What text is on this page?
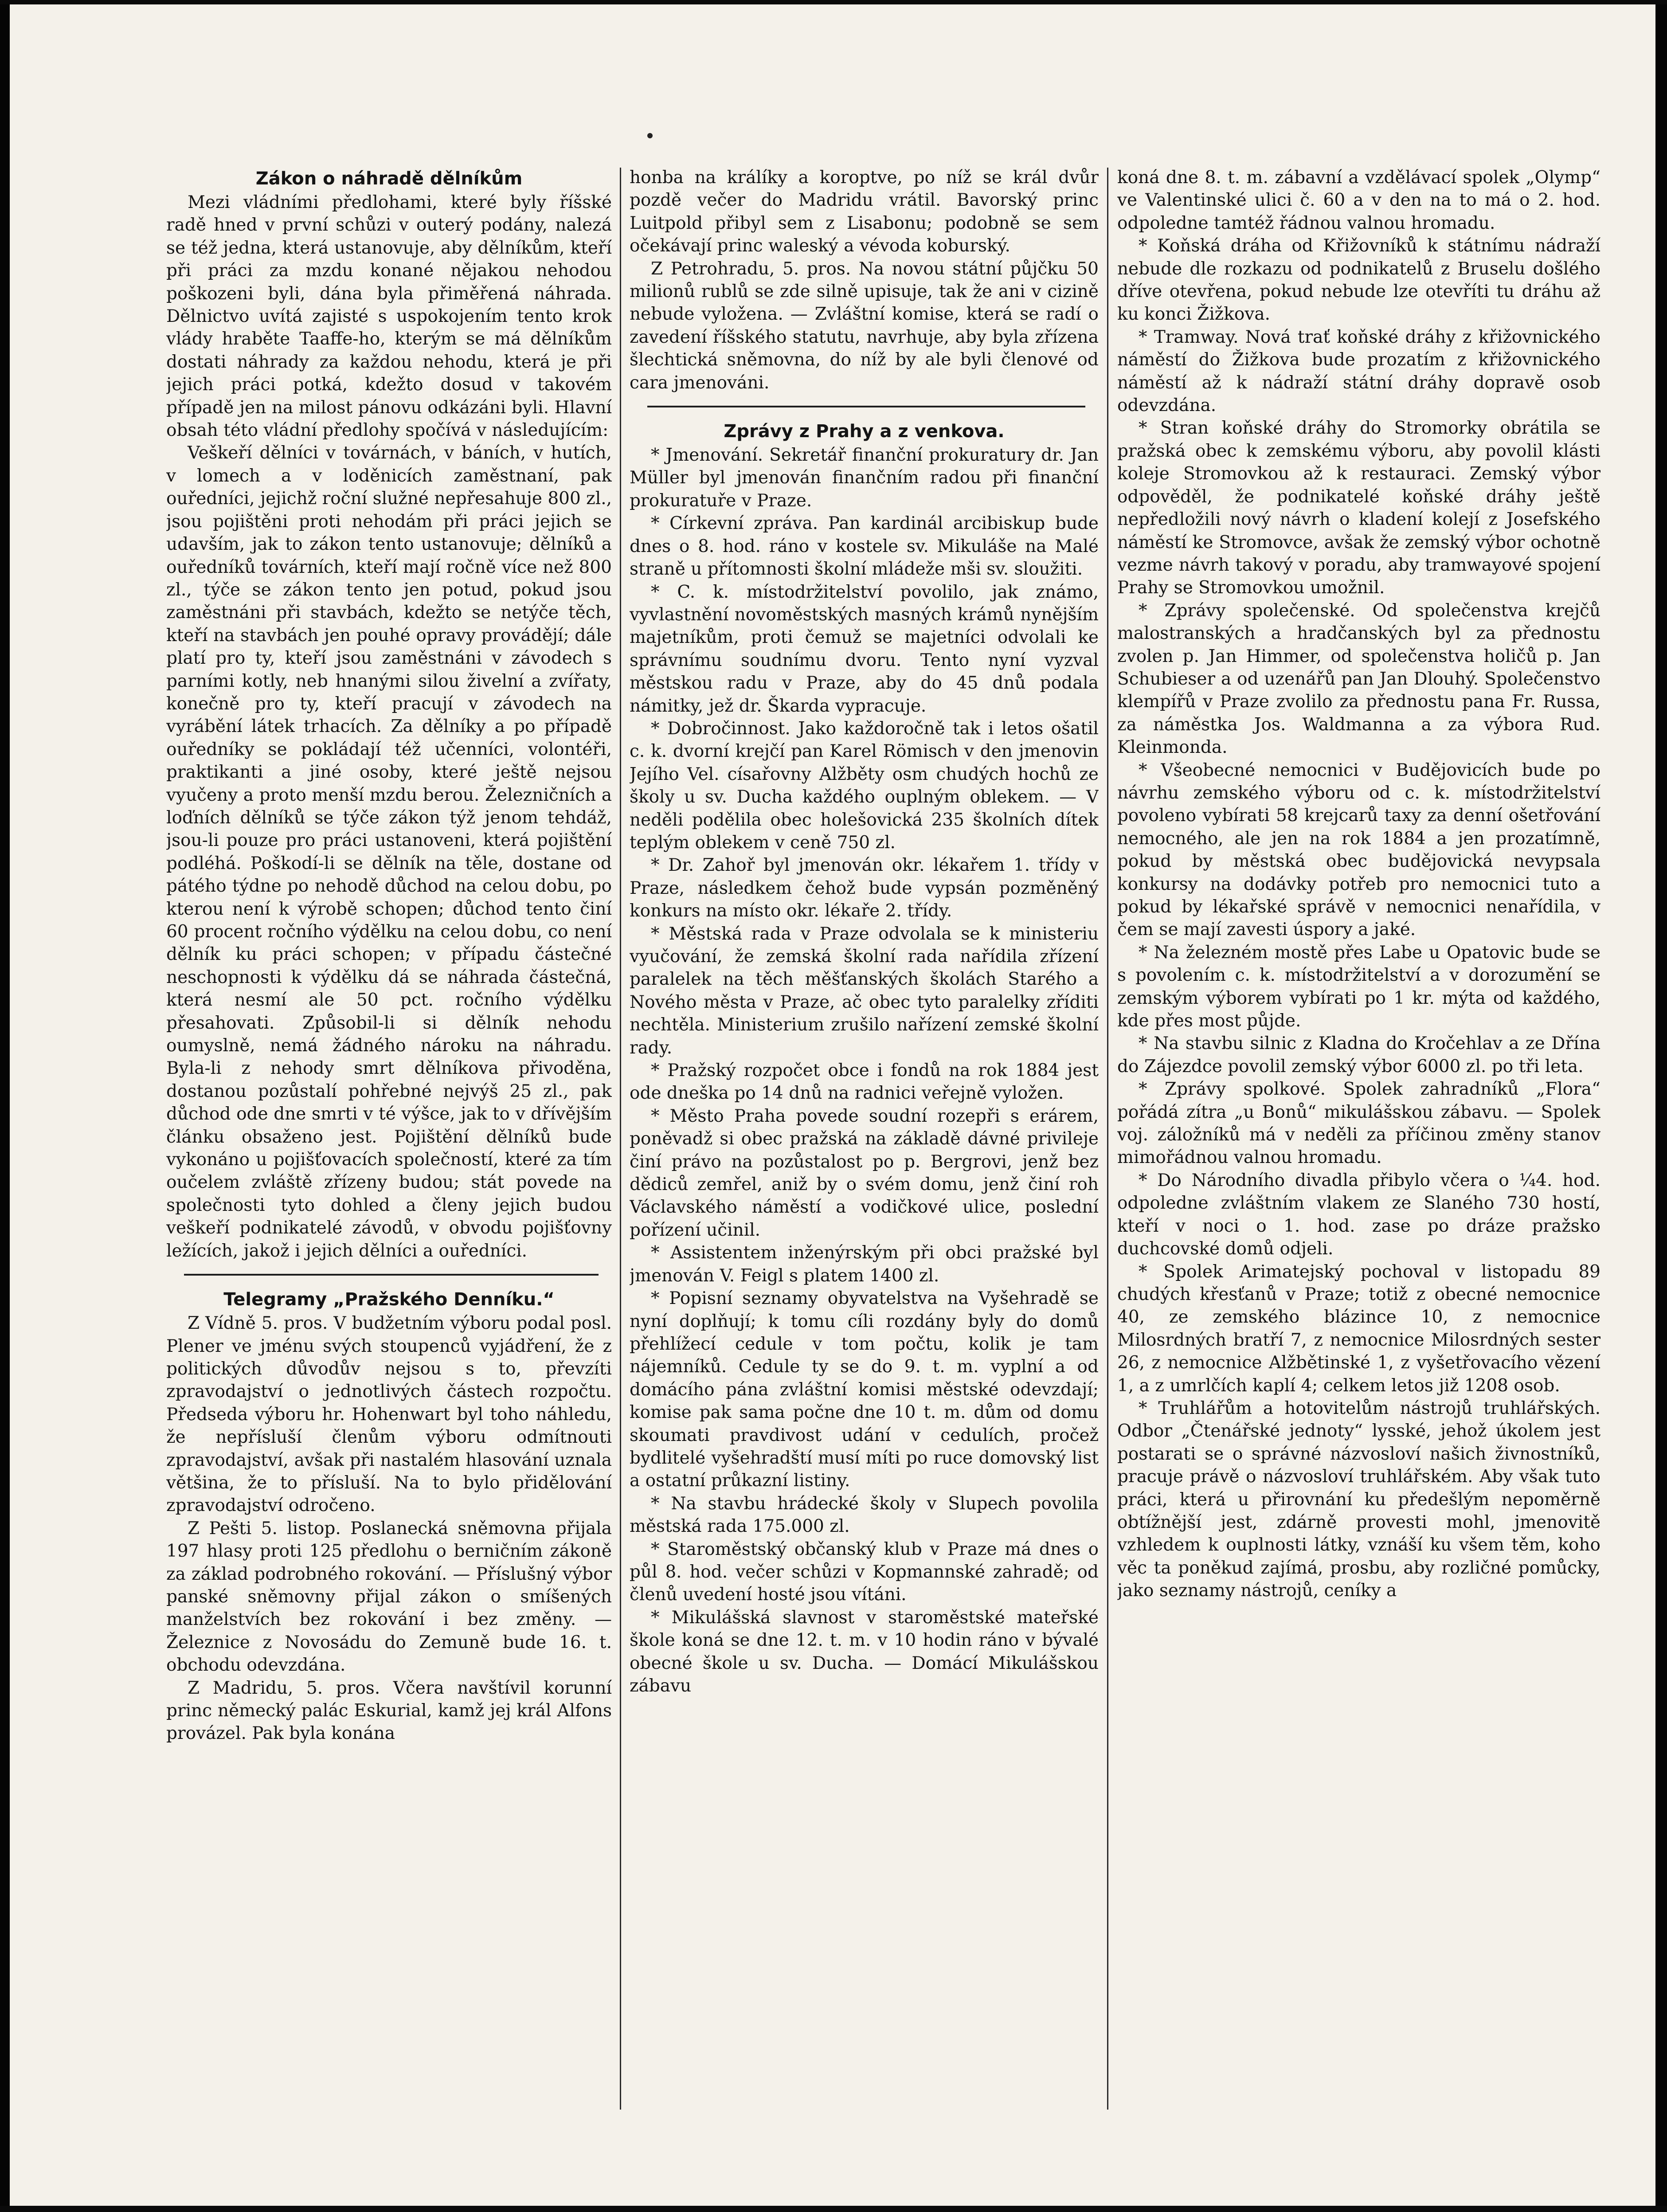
Zákon o náhradě dělníkům

Mezi vládními předlohami, které byly říšské radě hned v první schůzi v outerý podány, nalezá se též jedna, která ustanovuje, aby dělníkům, kteří při práci za mzdu konané nějakou nehodou poškozeni byli, dána byla přiměřená náhrada. Dělnictvo uvítá zajisté s uspokojením tento krok vlády hraběte Taaffe-ho, kterým se má dělníkům dostati náhrady za každou nehodu, která je při jejich práci potká, kdežto dosud v takovém případě jen na milost pánovu odkázáni byli. Hlavní obsah této vládní předlohy spočívá v následujícím:

Veškeří dělníci v továrnách, v báních, v hutích, v lomech a v loděnicích zaměstnaní, pak ouředníci, jejichž roční služné nepřesahuje 800 zl., jsou pojištěni proti nehodám při práci jejich se udavším, jak to zákon tento ustanovuje; dělníků a ouředníků továrních, kteří mají ročně více než 800 zl., týče se zákon tento jen potud, pokud jsou zaměstnáni při stavbách, kdežto se netýče těch, kteří na stavbách jen pouhé opravy provádějí; dále platí pro ty, kteří jsou zaměstnáni v závodech s parními kotly, neb hnanými silou živelní a zvířaty, konečně pro ty, kteří pracují v závodech na vyrábění látek trhacích. Za dělníky a po případě ouředníky se pokládají též učenníci, volontéři, praktikanti a jiné osoby, které ještě nejsou vyučeny a proto menší mzdu berou. Železničních a loďních dělníků se týče zákon týž jenom tehdáž, jsou-li pouze pro práci ustanoveni, která pojištění podléhá. Poškodí-li se dělník na těle, dostane od pátého týdne po nehodě důchod na celou dobu, po kterou není k výrobě schopen; důchod tento činí 60 procent ročního výdělku na celou dobu, co není dělník ku práci schopen; v případu částečné neschopnosti k výdělku dá se náhrada částečná, která nesmí ale 50 pct. ročního výdělku přesahovati. Způsobil-li si dělník nehodu oumyslně, nemá žádného nároku na náhradu. Byla-li z nehody smrt dělníkova přivoděna, dostanou pozůstalí pohřebné nejvýš 25 zl., pak důchod ode dne smrti v té výšce, jak to v dřívějším článku obsaženo jest. Pojištění dělníků bude vykonáno u pojišťovacích společností, které za tím oučelem zvláště zřízeny budou; stát povede na společnosti tyto dohled a členy jejich budou veškeří podnikatelé závodů, v obvodu pojišťovny ležících, jakož i jejich dělníci a ouředníci.

Telegramy „Pražského Denníku.“

Z Vídně 5. pros. V budžetním výboru podal posl. Plener ve jménu svých stoupenců vyjádření, že z politických důvodův nejsou s to, převzíti zpravodajství o jednotlivých částech rozpočtu. Předseda výboru hr. Hohenwart byl toho náhledu, že nepřísluší členům výboru odmítnouti zpravodajství, avšak při nastalém hlasování uznala většina, že to přísluší. Na to bylo přidělování zpravodajství odročeno.

Z Pešti 5. listop. Poslanecká sněmovna přijala 197 hlasy proti 125 předlohu o berničním zákoně za základ podrobného rokování. — Příslušný výbor panské sněmovny přijal zákon o smíšených manželstvích bez rokování i bez změny. — Železnice z Novosádu do Zemuně bude 16. t. obchodu odevzdána.

Z Madridu, 5. pros. Včera navštívil korunní princ německý palác Eskurial, kamž jej král Alfons provázel. Pak byla konána

honba na králíky a koroptve, po níž se král dvůr pozdě večer do Madridu vrátil. Bavorský princ Luitpold přibyl sem z Lisabonu; podobně se sem očekávají princ waleský a vévoda koburský.

Z Petrohradu, 5. pros. Na novou státní půjčku 50 milionů rublů se zde silně upisuje, tak že ani v cizině nebude vyložena. — Zvláštní komise, která se radí o zavedení říšského statutu, navrhuje, aby byla zřízena šlechtická sněmovna, do níž by ale byli členové od cara jmenováni.

Zprávy z Prahy a z venkova.

* Jmenování. Sekretář finanční prokuratury dr. Jan Müller byl jmenován finančním radou při finanční prokuratuře v Praze.

* Církevní zpráva. Pan kardinál arcibiskup bude dnes o 8. hod. ráno v kostele sv. Mikuláše na Malé straně u přítomnosti školní mládeže mši sv. sloužiti.

* C. k. místodržitelství povolilo, jak známo, vyvlastnění novoměstských masných krámů nynějším majetníkům, proti čemuž se majetníci odvolali ke správnímu soudnímu dvoru. Tento nyní vyzval městskou radu v Praze, aby do 45 dnů podala námitky, jež dr. Škarda vypracuje.

* Dobročinnost. Jako každoročně tak i letos ošatil c. k. dvorní krejčí pan Karel Römisch v den jmenovin Jejího Vel. císařovny Alžběty osm chudých hochů ze školy u sv. Ducha každého ouplným oblekem. — V neděli podělila obec holešovická 235 školních dítek teplým oblekem v ceně 750 zl.

* Dr. Zahoř byl jmenován okr. lékařem 1. třídy v Praze, následkem čehož bude vypsán pozměněný konkurs na místo okr. lékaře 2. třídy.

* Městská rada v Praze odvolala se k ministeriu vyučování, že zemská školní rada nařídila zřízení paralelek na těch měšťanských školách Starého a Nového města v Praze, ač obec tyto paralelky zříditi nechtěla. Ministerium zrušilo nařízení zemské školní rady.

* Pražský rozpočet obce i fondů na rok 1884 jest ode dneška po 14 dnů na radnici veřejně vyložen.

* Město Praha povede soudní rozepři s erárem, poněvadž si obec pražská na základě dávné privileje činí právo na pozůstalost po p. Bergrovi, jenž bez dědiců zemřel, aniž by o svém domu, jenž činí roh Václavského náměstí a vodičkové ulice, poslední pořízení učinil.

* Assistentem inženýrským při obci pražské byl jmenován V. Feigl s platem 1400 zl.

* Popisní seznamy obyvatelstva na Vyšehradě se nyní doplňují; k tomu cíli rozdány byly do domů přehlížecí cedule v tom počtu, kolik je tam nájemníků. Cedule ty se do 9. t. m. vyplní a od domácího pána zvláštní komisi městské odevzdají; komise pak sama počne dne 10 t. m. dům od domu skoumati pravdivost udání v cedulích, pročež bydlitelé vyšehradští musí míti po ruce domovský list a ostatní průkazní listiny.

* Na stavbu hrádecké školy v Slupech povolila městská rada 175.000 zl.

* Staroměstský občanský klub v Praze má dnes o půl 8. hod. večer schůzi v Kopmannské zahradě; od členů uvedení hosté jsou vítáni.

* Mikulášská slavnost v staroměstské mateřské škole koná se dne 12. t. m. v 10 hodin ráno v bývalé obecné škole u sv. Ducha. — Domácí Mikulášskou zábavu

koná dne 8. t. m. zábavní a vzdělávací spolek „Olymp“ ve Valentinské ulici č. 60 a v den na to má o 2. hod. odpoledne tamtéž řádnou valnou hromadu.

* Koňská dráha od Křižovníků k státnímu nádraží nebude dle rozkazu od podnikatelů z Bruselu došlého dříve otevřena, pokud nebude lze otevříti tu dráhu až ku konci Žižkova.

* Tramway. Nová trať koňské dráhy z křižovnického náměstí do Žižkova bude prozatím z křižovnického náměstí až k nádraží státní dráhy dopravě osob odevzdána.

* Stran koňské dráhy do Stromorky obrátila se pražská obec k zemskému výboru, aby povolil klásti koleje Stromovkou až k restauraci. Zemský výbor odpověděl, že podnikatelé koňské dráhy ještě nepředložili nový návrh o kladení kolejí z Josefského náměstí ke Stromovce, avšak že zemský výbor ochotně vezme návrh takový v poradu, aby tramwayové spojení Prahy se Stromovkou umožnil.

* Zprávy společenské. Od společenstva krejčů malostranských a hradčanských byl za přednostu zvolen p. Jan Himmer, od společenstva holičů p. Jan Schubieser a od uzenářů pan Jan Dlouhý. Společenstvo klempířů v Praze zvolilo za přednostu pana Fr. Russa, za náměstka Jos. Waldmanna a za výbora Rud. Kleinmonda.

* Všeobecné nemocnici v Budějovicích bude po návrhu zemského výboru od c. k. místodržitelství povoleno vybírati 58 krejcarů taxy za denní ošetřování nemocného, ale jen na rok 1884 a jen prozatímně, pokud by městská obec budějovická nevypsala konkursy na dodávky potřeb pro nemocnici tuto a pokud by lékařské správě v nemocnici nenařídila, v čem se mají zavesti úspory a jaké.

* Na železném mostě přes Labe u Opatovic bude se s povolením c. k. místodržitelství a v dorozumění se zemským výborem vybírati po 1 kr. mýta od každého, kde přes most půjde.

* Na stavbu silnic z Kladna do Kročehlav a ze Dřína do Zájezdce povolil zemský výbor 6000 zl. po tři leta.

* Zprávy spolkové. Spolek zahradníků „Flora“ pořádá zítra „u Bonů“ mikulášskou zábavu. — Spolek voj. záložníků má v neděli za příčinou změny stanov mimořádnou valnou hromadu.

* Do Národního divadla přibylo včera o ¼4. hod. odpoledne zvláštním vlakem ze Slaného 730 hostí, kteří v noci o 1. hod. zase po dráze pražsko duchcovské domů odjeli.

* Spolek Arimatejský pochoval v listopadu 89 chudých křesťanů v Praze; totiž z obecné nemocnice 40, ze zemského blázince 10, z nemocnice Milosrdných bratří 7, z nemocnice Milosrdných sester 26, z nemocnice Alžbětinské 1, z vyšetřovacího vězení 1, a z umrlčích kaplí 4; celkem letos již 1208 osob.

* Truhlářům a hotovitelům nástrojů truhlářských. Odbor „Čtenářské jednoty“ lysské, jehož úkolem jest postarati se o správné názvosloví našich živnostníků, pracuje právě o názvosloví truhlářském. Aby však tuto práci, která u přirovnání ku předešlým nepoměrně obtížnější jest, zdárně provesti mohl, jmenovitě vzhledem k ouplnosti látky, vznáší ku všem těm, koho věc ta poněkud zajímá, prosbu, aby rozličné pomůcky, jako seznamy nástrojů, ceníky a
